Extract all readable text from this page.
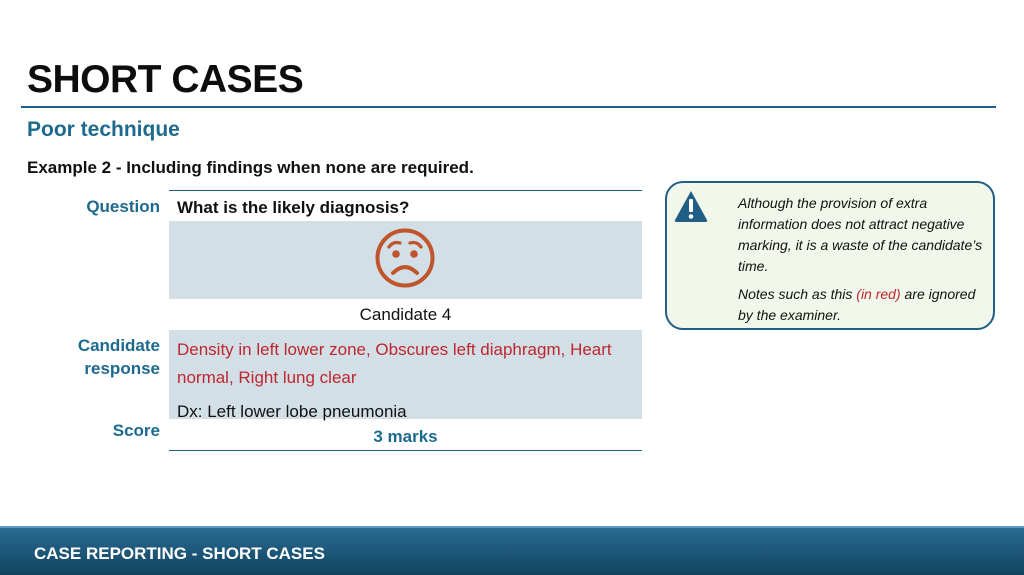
SHORT CASES
Poor technique
Example 2 - Including findings when none are required.
Question
Candidate response
Score
What is the likely diagnosis?
Candidate 4
Density in left lower zone, Obscures left diaphragm, Heart normal, Right lung clear
Dx: Left lower lobe pneumonia
3 marks

Although the provision of extra information does not attract negative marking, it is a waste of the candidate’s time.

Notes such as this (in red) are ignored by the examiner.

CASE REPORTING - SHORT CASES
